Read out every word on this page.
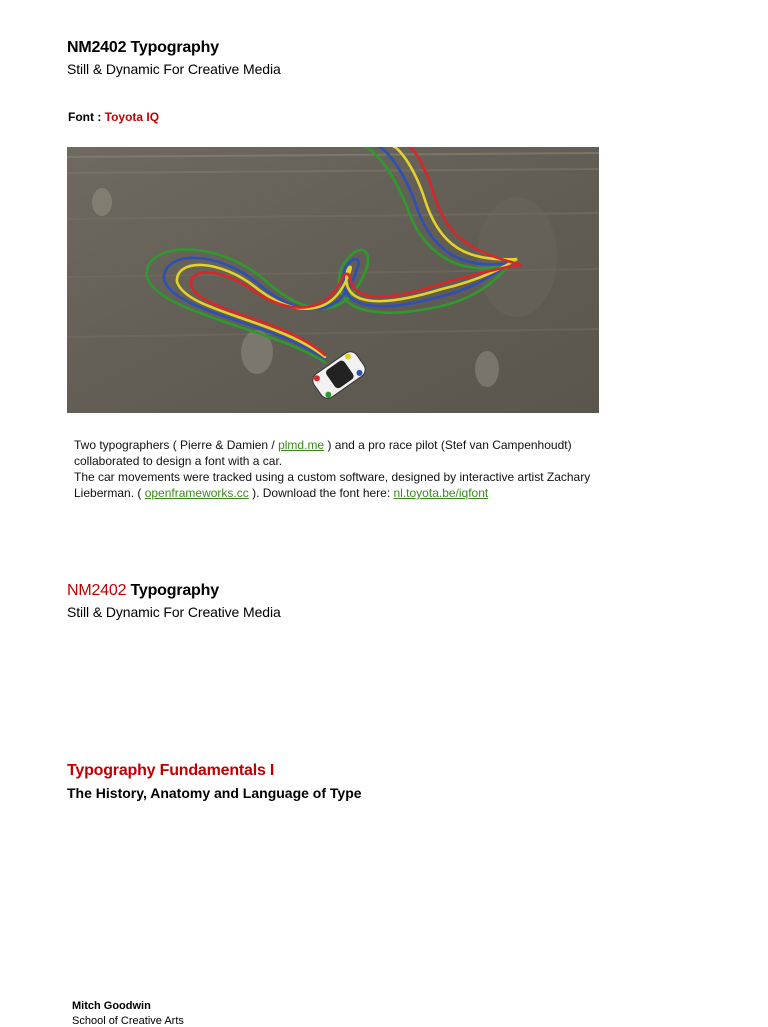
NM2402 Typography
Still & Dynamic For Creative Media
Font : Toyota IQ
Two typographers ( Pierre & Damien / plmd.me ) and a pro race pilot (Stef van Campenhoudt)
collaborated to design a font with a car.
The car movements were tracked using a custom software, designed by interactive artist Zachary
Lieberman. ( openframeworks.cc ). Download the font here: nl.toyota.be/iqfont
NM2402 Typography
Still & Dynamic For Creative Media
Typography Fundamentals I
The History, Anatomy and Language of Type
Mitch Goodwin
School of Creative Arts
